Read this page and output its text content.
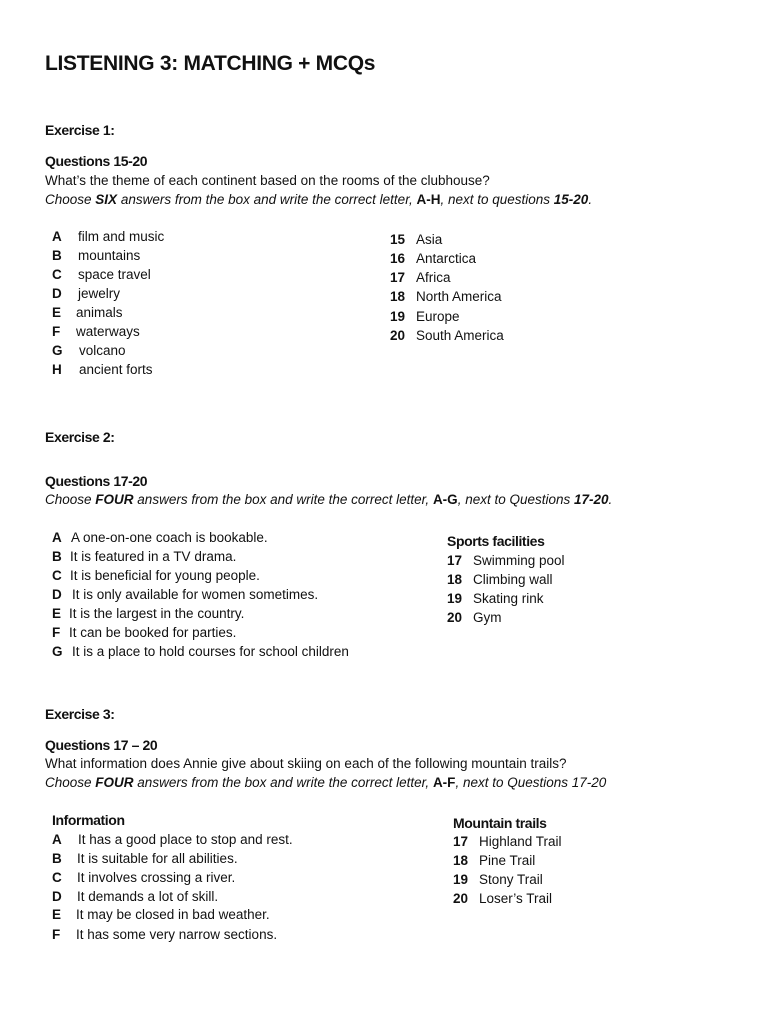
LISTENING 3: MATCHING + MCQs
Exercise 1:
Questions 15-20
What’s the theme of each continent based on the rooms of the clubhouse?
Choose SIX answers from the box and write the correct letter, A-H, next to questions 15-20.
A film and music
B mountains
C space travel
D jewelry
E animals
F waterways
G volcano
H ancient forts
15 Asia
16 Antarctica
17 Africa
18 North America
19 Europe
20 South America
Exercise 2:
Questions 17-20
Choose FOUR answers from the box and write the correct letter, A-G, next to Questions 17-20.
A A one-on-one coach is bookable.
B It is featured in a TV drama.
C It is beneficial for young people.
D It is only available for women sometimes.
E It is the largest in the country.
F It can be booked for parties.
G It is a place to hold courses for school children
Sports facilities
17 Swimming pool
18 Climbing wall
19 Skating rink
20 Gym
Exercise 3:
Questions 17 – 20
What information does Annie give about skiing on each of the following mountain trails?
Choose FOUR answers from the box and write the correct letter, A-F, next to Questions 17-20
Information
A It has a good place to stop and rest.
B It is suitable for all abilities.
C It involves crossing a river.
D It demands a lot of skill.
E It may be closed in bad weather.
F It has some very narrow sections.
Mountain trails
17 Highland Trail
18 Pine Trail
19 Stony Trail
20 Loser’s Trail
